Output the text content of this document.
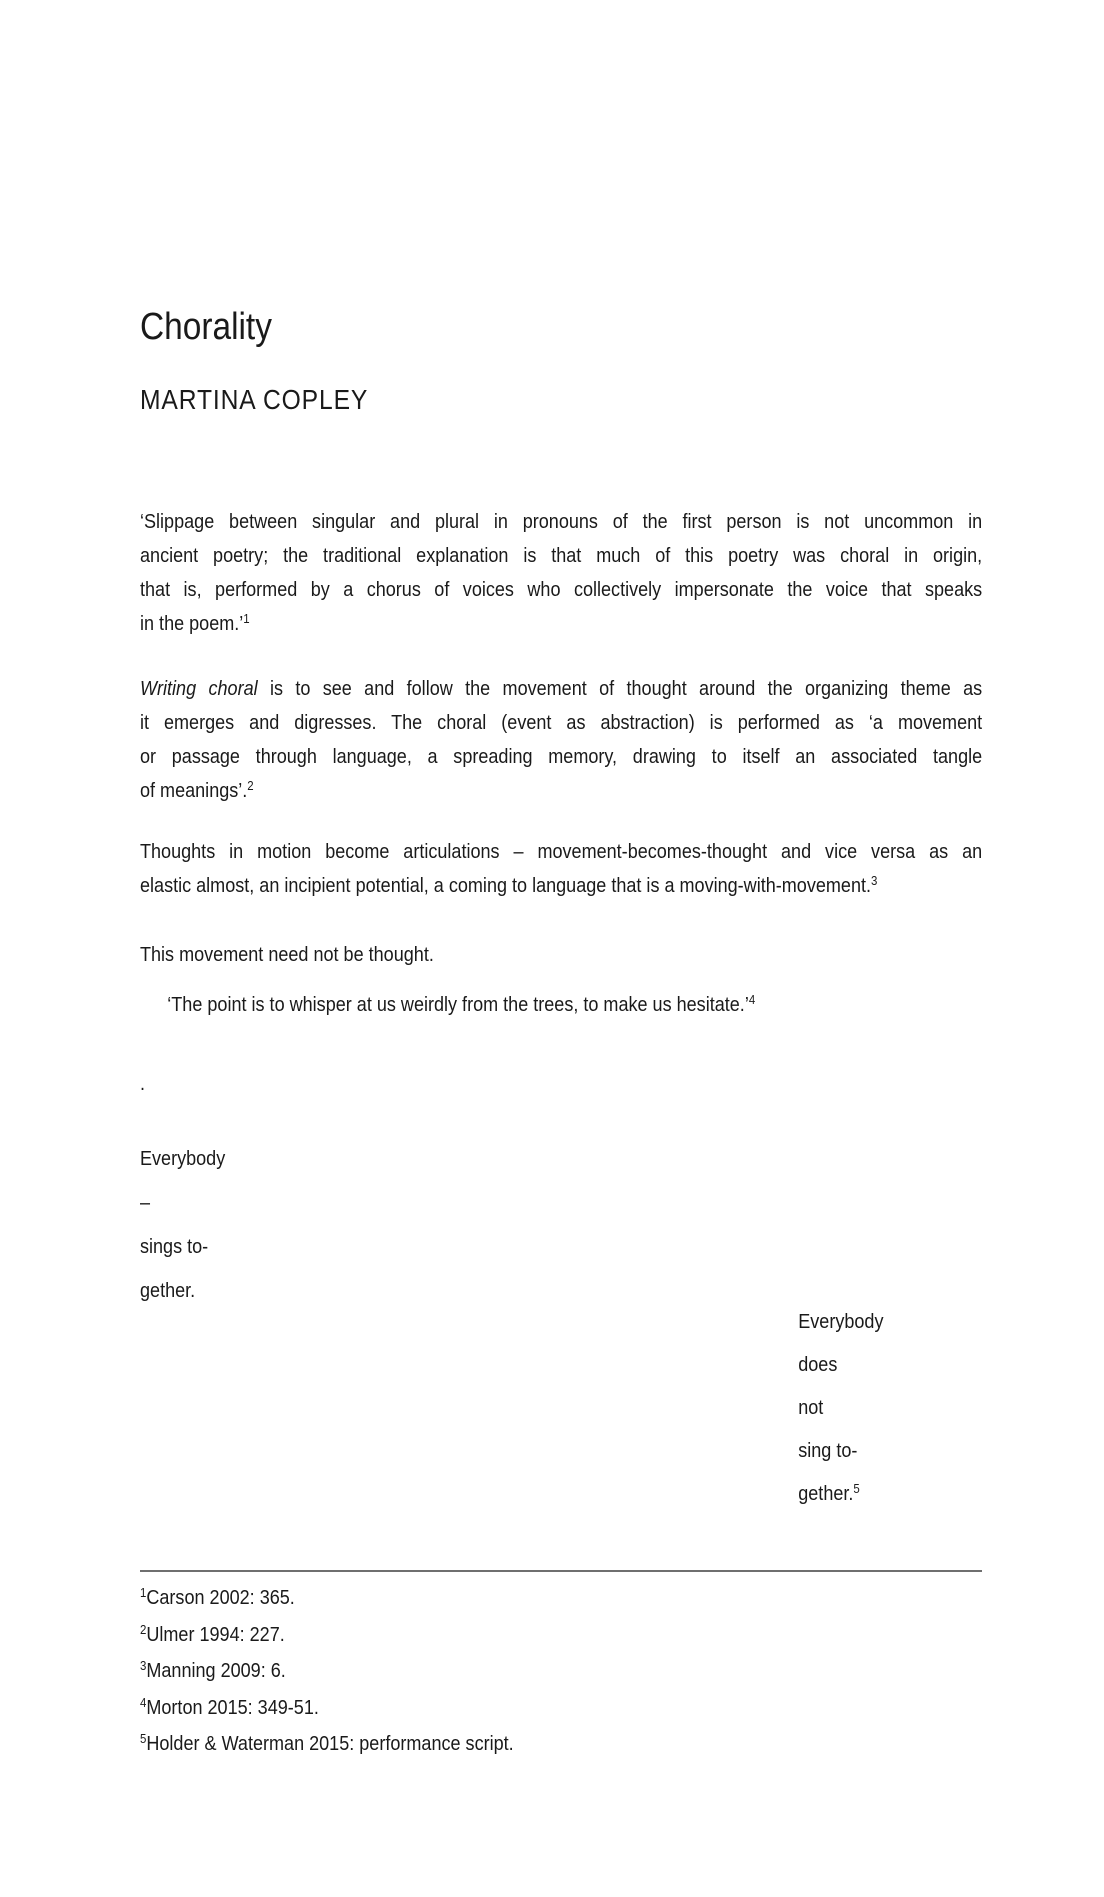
Chorality
MARTINA COPLEY
‘Slippage between singular and plural in pronouns of the first person is not uncommon in
ancient poetry; the traditional explanation is that much of this poetry was choral in origin,
that is, performed by a chorus of voices who collectively impersonate the voice that speaks
in the poem.’$^1$
Writing choral is to see and follow the movement of thought around the organizing theme as
it emerges and digresses. The choral (event as abstraction) is performed as ‘a movement
or passage through language, a spreading memory, drawing to itself an associated tangle
of meanings’.$^2$
Thoughts in motion become articulations – movement-becomes-thought and vice versa as an
elastic almost, an incipient potential, a coming to language that is a moving-with-movement.$^3$
This movement need not be thought.
‘The point is to whisper at us weirdly from the trees, to make us hesitate.’$^4$
.
Everybody
–
sings to-
gether.
Everybody
does
not
sing to-
gether.$^5$
$^1$Carson 2002: 365.
$^2$Ulmer 1994: 227.
$^3$Manning 2009: 6.
$^4$Morton 2015: 349-51.
$^5$Holder & Waterman 2015: performance script.
